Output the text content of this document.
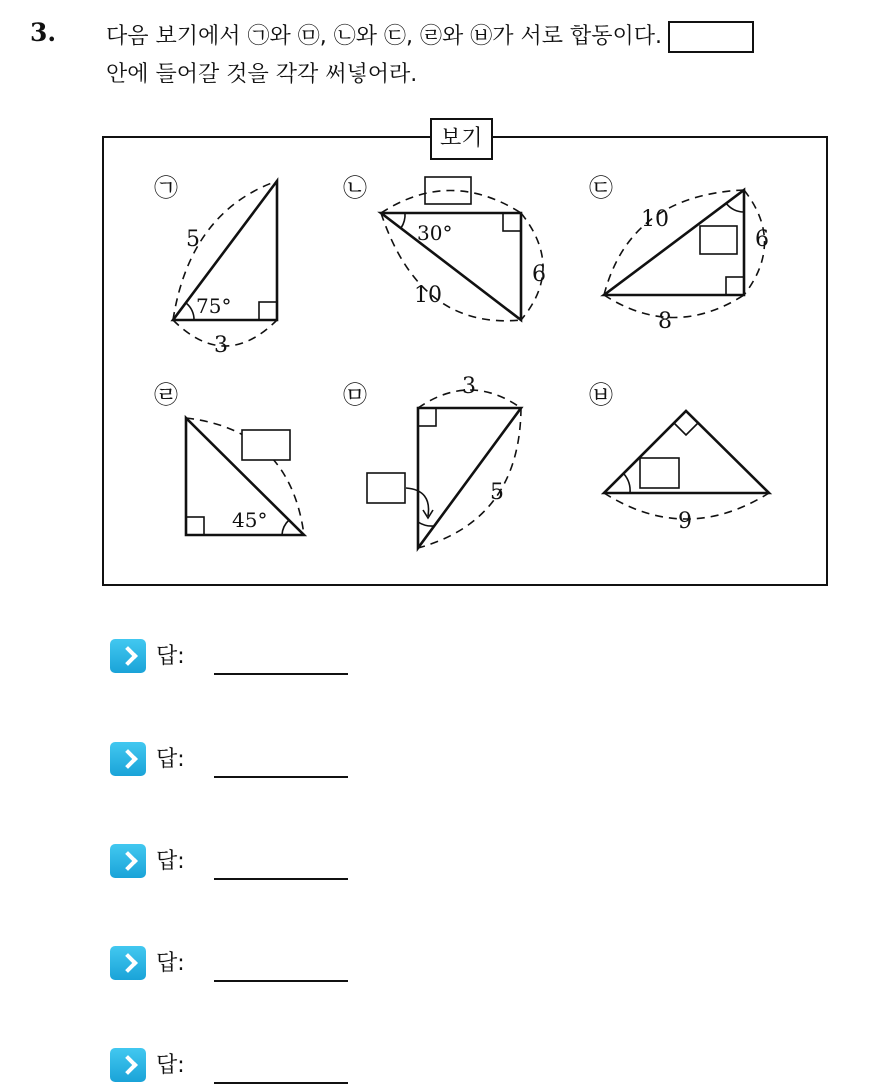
3. 다음 보기에서 ㉠와 ㉤, ㉡와 ㉢, ㉣와 ㉥가 서로 합동이다.
안에 들어갈 것을 각각 써넣어라.
보기
㉠	㉡	㉢
㉣	㉤	㉥
5
75°
3
30°
10
6
10
6
8
45°
3
5
9
답:
답:
답:
답:
답:
